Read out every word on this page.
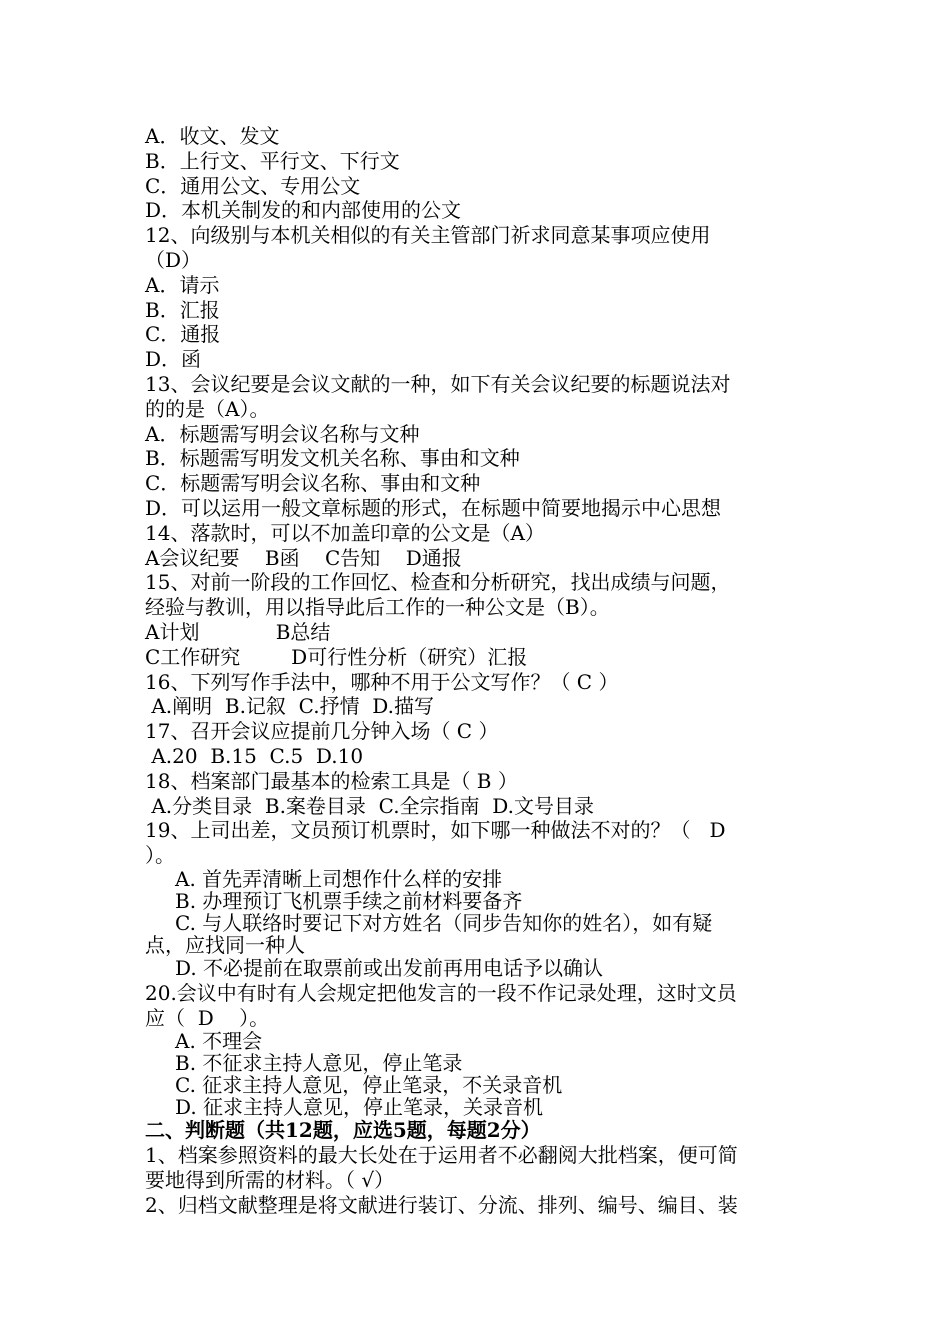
A．收文、发文
B．上行文、平行文、下行文
C．通用公文、专用公文
D．本机关制发的和内部使用的公文
12、向级别与本机关相似的有关主管部门祈求同意某事项应使用
（D）
A．请示
B．汇报
C．通报
D．函
13、会议纪要是会议文献的一种，如下有关会议纪要的标题说法对
的的是（A）。
A．标题需写明会议名称与文种
B．标题需写明发文机关名称、事由和文种
C．标题需写明会议名称、事由和文种
D．可以运用一般文章标题的形式，在标题中简要地揭示中心思想
14、落款时，可以不加盖印章的公文是（A）
A会议纪要    B函    C告知    D通报
15、对前一阶段的工作回忆、检查和分析研究，找出成绩与问题，
经验与教训，用以指导此后工作的一种公文是（B）。
A计划            B总结
C工作研究        D可行性分析（研究）汇报
16、下列写作手法中，哪种不用于公文写作？（ C ）
A.阐明  B.记叙  C.抒情  D.描写
17、召开会议应提前几分钟入场（ C ）
A.20  B.15  C.5  D.10
18、档案部门最基本的检索工具是（ B ）
A.分类目录  B.案卷目录  C.全宗指南  D.文号目录
19、上司出差，文员预订机票时，如下哪一种做法不对的？（   D
）。
A. 首先弄清晰上司想作什么样的安排
B. 办理预订飞机票手续之前材料要备齐
C. 与人联络时要记下对方姓名（同步告知你的姓名），如有疑
点，应找同一种人
D. 不必提前在取票前或出发前再用电话予以确认
20.会议中有时有人会规定把他发言的一段不作记录处理，这时文员
应（  D    ）。
A. 不理会
B. 不征求主持人意见，停止笔录
C. 征求主持人意见，停止笔录，不关录音机
D. 征求主持人意见，停止笔录，关录音机
二、判断题（共12题，应选5题，每题2分）
1、档案参照资料的最大长处在于运用者不必翻阅大批档案，便可简
要地得到所需的材料。（ √）
2、归档文献整理是将文献进行装订、分流、排列、编号、编目、装
